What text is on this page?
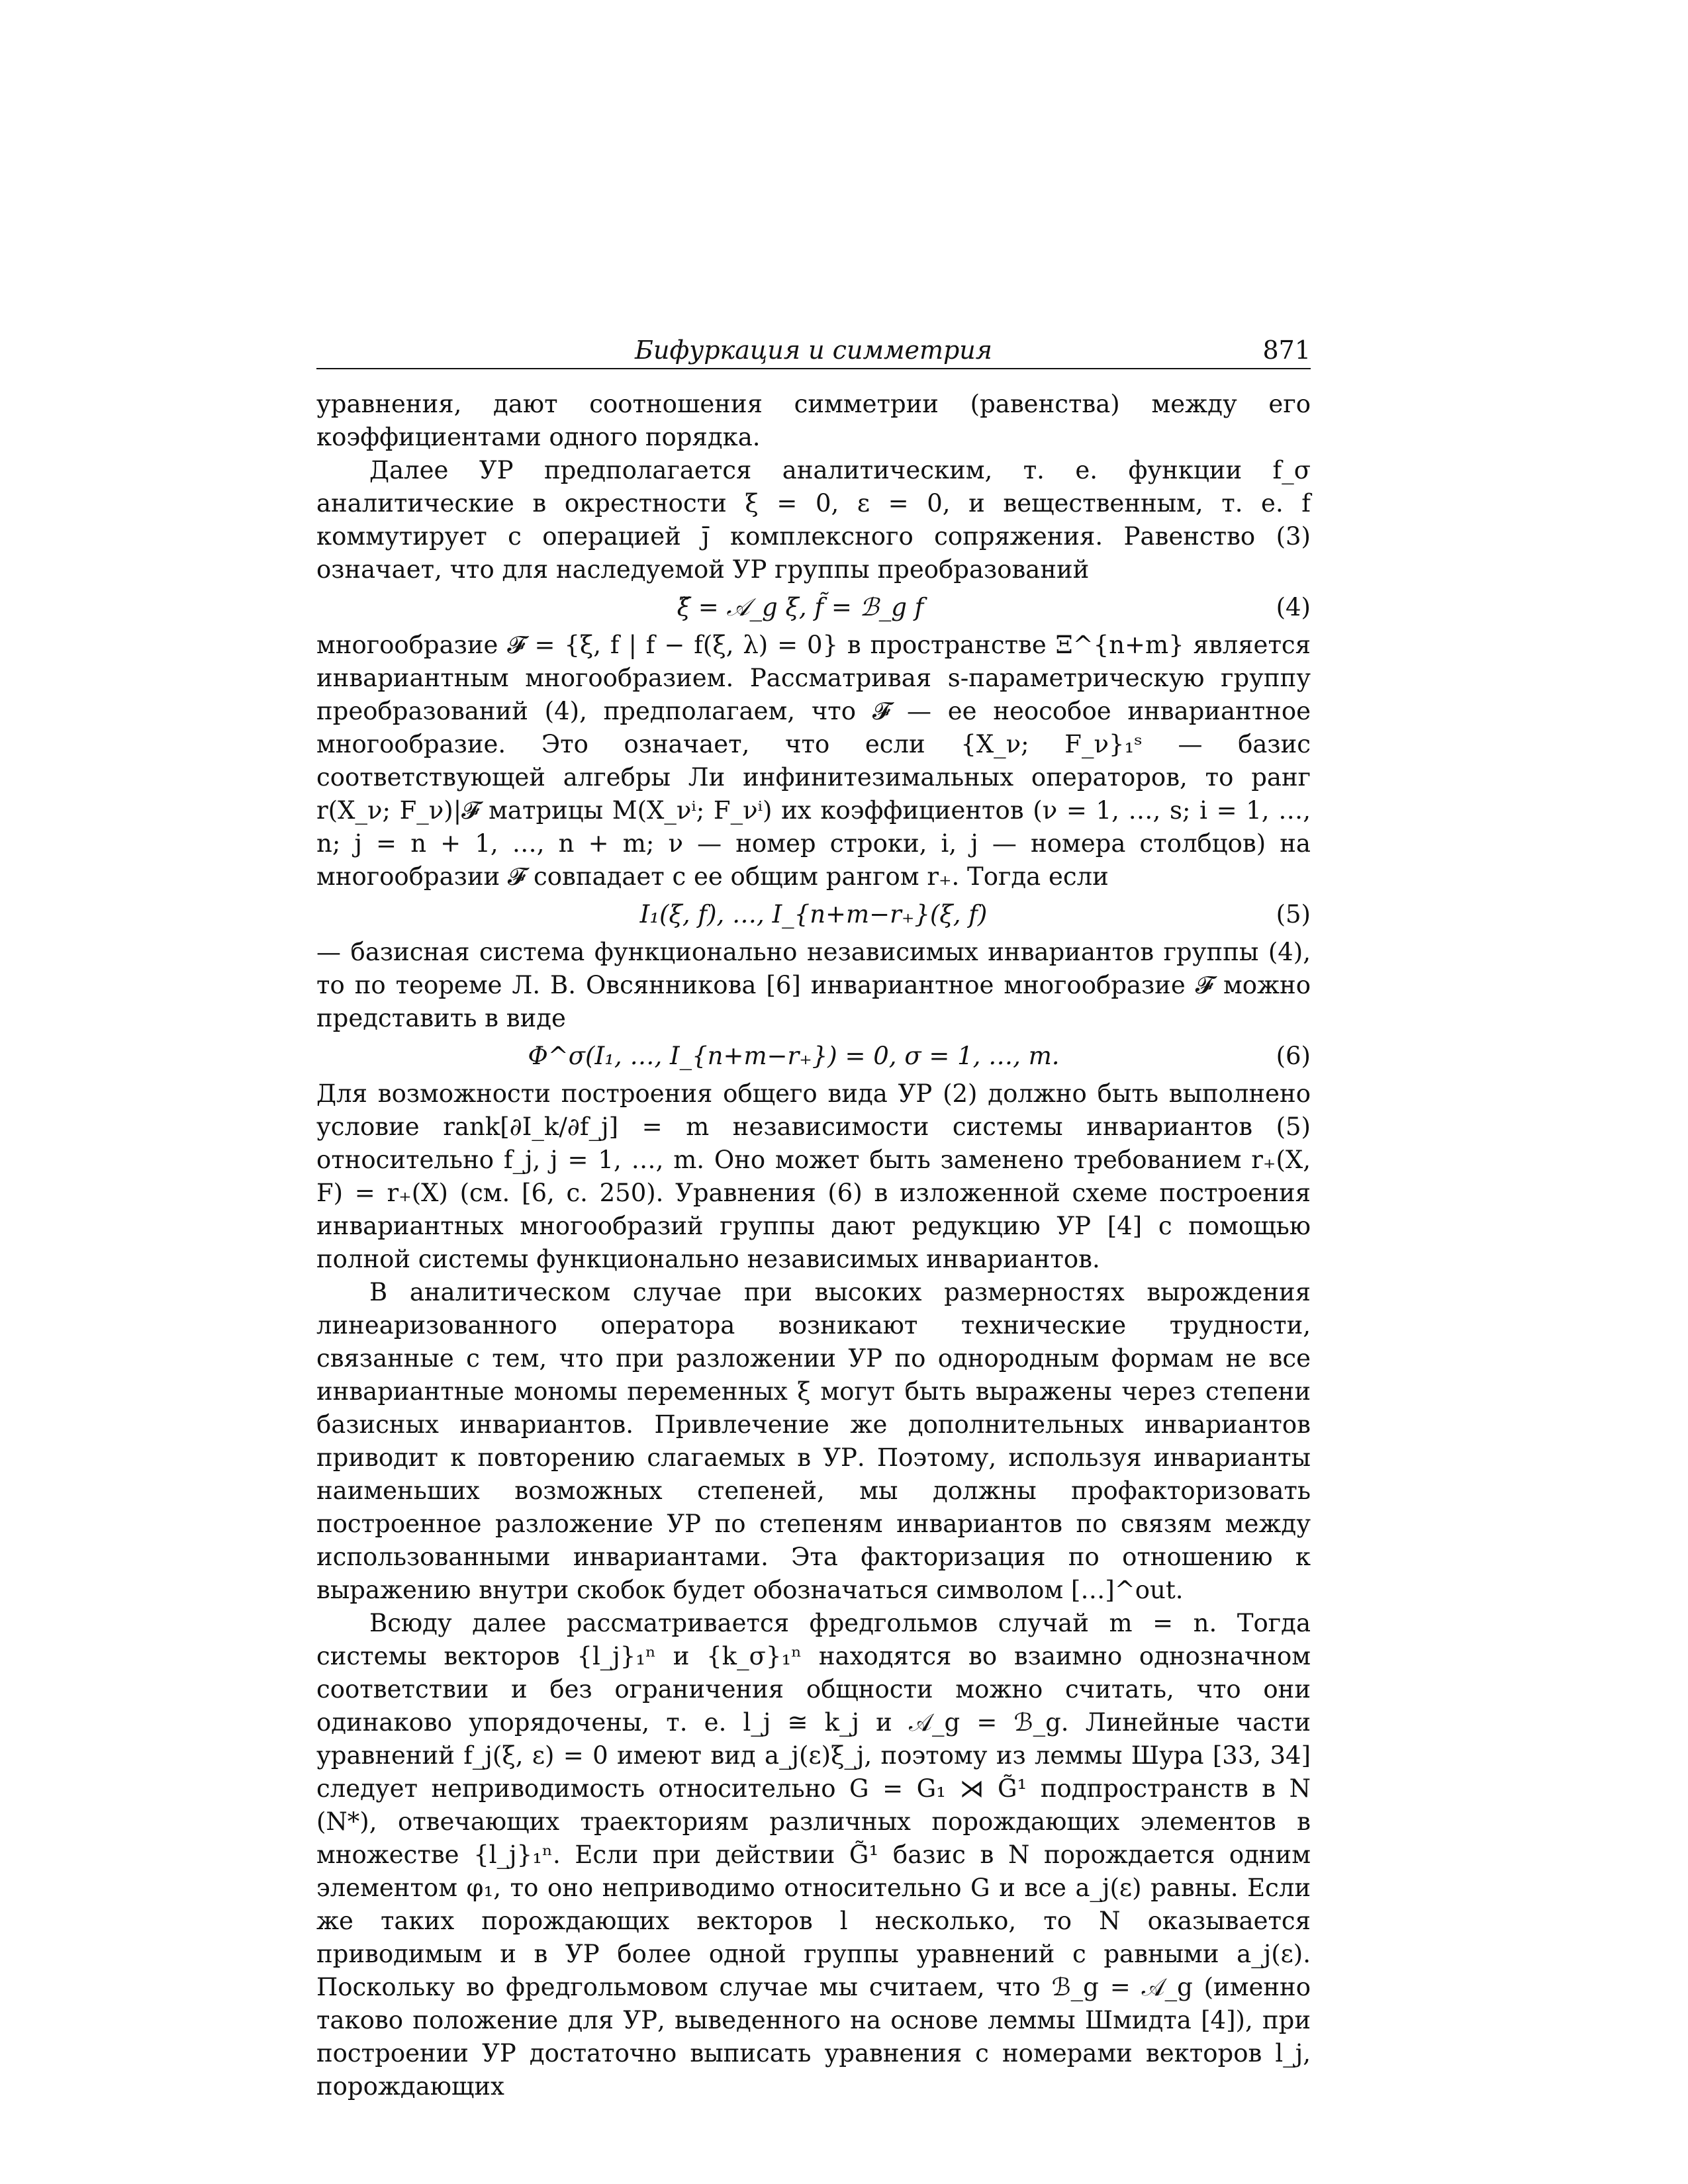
Бифуркация и симметрия	871

уравнения, дают соотношения симметрии (равенства) между его коэффициентами одного порядка.

Далее УР предполагается аналитическим, т. е. функции f_σ аналитические в окрестности ξ = 0, ε = 0, и вещественным, т. е. f коммутирует с операцией j̄ комплексного сопряжения. Равенство (3) означает, что для наследуемой УР группы преобразований

ξ̃ = 𝒜_g ξ, f̃ = ℬ_g f	(4)

многообразие 𝓕 = {ξ, f | f − f(ξ, λ) = 0} в пространстве Ξ^{n+m} является инвариантным многообразием. Рассматривая s-параметрическую группу преобразований (4), предполагаем, что 𝓕 — ее неособое инвариантное многообразие. Это означает, что если {X_ν; F_ν}₁ˢ — базис соответствующей алгебры Ли инфинитезимальных операторов, то ранг r(X_ν; F_ν)|𝓕 матрицы M(X_νⁱ; F_νⁱ) их коэффициентов (ν = 1, …, s; i = 1, …, n; j = n + 1, …, n + m; ν — номер строки, i, j — номера столбцов) на многообразии 𝓕 совпадает с ее общим рангом r₊. Тогда если

I₁(ξ, f), …, I_{n+m−r₊}(ξ, f)	(5)

— базисная система функционально независимых инвариантов группы (4), то по теореме Л. В. Овсянникова [6] инвариантное многообразие 𝓕 можно представить в виде

Φ^σ(I₁, …, I_{n+m−r₊}) = 0, σ = 1, …, m.	(6)

Для возможности построения общего вида УР (2) должно быть выполнено условие rank[∂I_k/∂f_j] = m независимости системы инвариантов (5) относительно f_j, j = 1, …, m. Оно может быть заменено требованием r₊(X, F) = r₊(X) (см. [6, с. 250). Уравнения (6) в изложенной схеме построения инвариантных многообразий группы дают редукцию УР [4] с помощью полной системы функционально независимых инвариантов.

В аналитическом случае при высоких размерностях вырождения линеаризованного оператора возникают технические трудности, связанные с тем, что при разложении УР по однородным формам не все инвариантные мономы переменных ξ могут быть выражены через степени базисных инвариантов. Привлечение же дополнительных инвариантов приводит к повторению слагаемых в УР. Поэтому, используя инварианты наименьших возможных степеней, мы должны профакторизовать построенное разложение УР по степеням инвариантов по связям между использованными инвариантами. Эта факторизация по отношению к выражению внутри скобок будет обозначаться символом […]^out.

Всюду далее рассматривается фредгольмов случай m = n. Тогда системы векторов {l_j}₁ⁿ и {k_σ}₁ⁿ находятся во взаимно однозначном соответствии и без ограничения общности можно считать, что они одинаково упорядочены, т. е. l_j ≅ k_j и 𝒜_g = ℬ_g. Линейные части уравнений f_j(ξ, ε) = 0 имеют вид a_j(ε)ξ_j, поэтому из леммы Шура [33, 34] следует неприводимость относительно G = G₁ ⋊ G̃¹ подпространств в N (N*), отвечающих траекториям различных порождающих элементов в множестве {l_j}₁ⁿ. Если при действии G̃¹ базис в N порождается одним элементом φ₁, то оно неприводимо относительно G и все a_j(ε) равны. Если же таких порождающих векторов l несколько, то N оказывается приводимым и в УР более одной группы уравнений с равными a_j(ε). Поскольку во фредгольмовом случае мы считаем, что ℬ_g = 𝒜_g (именно таково положение для УР, выведенного на основе леммы Шмидта [4]), при построении УР достаточно выписать уравнения с номерами векторов l_j, порождающих
